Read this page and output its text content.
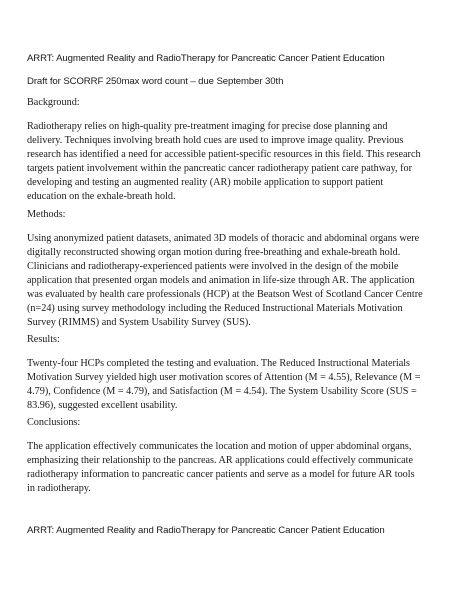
ARRT: Augmented Reality and RadioTherapy for Pancreatic Cancer Patient Education

Draft for SCORRF 250max word count – due September 30th

Background:

Radiotherapy relies on high-quality pre-treatment imaging for precise dose planning and
delivery. Techniques involving breath hold cues are used to improve image quality. Previous
research has identified a need for accessible patient-specific resources in this field. This research
targets patient involvement within the pancreatic cancer radiotherapy patient care pathway, for
developing and testing an augmented reality (AR) mobile application to support patient
education on the exhale-breath hold.

Methods:

Using anonymized patient datasets, animated 3D models of thoracic and abdominal organs were
digitally reconstructed showing organ motion during free-breathing and exhale-breath hold.
Clinicians and radiotherapy-experienced patients were involved in the design of the mobile
application that presented organ models and animation in life-size through AR. The application
was evaluated by health care professionals (HCP) at the Beatson West of Scotland Cancer Centre
(n=24) using survey methodology including the Reduced Instructional Materials Motivation
Survey (RIMMS) and System Usability Survey (SUS).

Results:

Twenty-four HCPs completed the testing and evaluation. The Reduced Instructional Materials
Motivation Survey yielded high user motivation scores of Attention (M = 4.55), Relevance (M =
4.79), Confidence (M = 4.79), and Satisfaction (M = 4.54). The System Usability Score (SUS =
83.96), suggested excellent usability.

Conclusions:

The application effectively communicates the location and motion of upper abdominal organs,
emphasizing their relationship to the pancreas. AR applications could effectively communicate
radiotherapy information to pancreatic cancer patients and serve as a model for future AR tools
in radiotherapy.

ARRT: Augmented Reality and RadioTherapy for Pancreatic Cancer Patient Education
